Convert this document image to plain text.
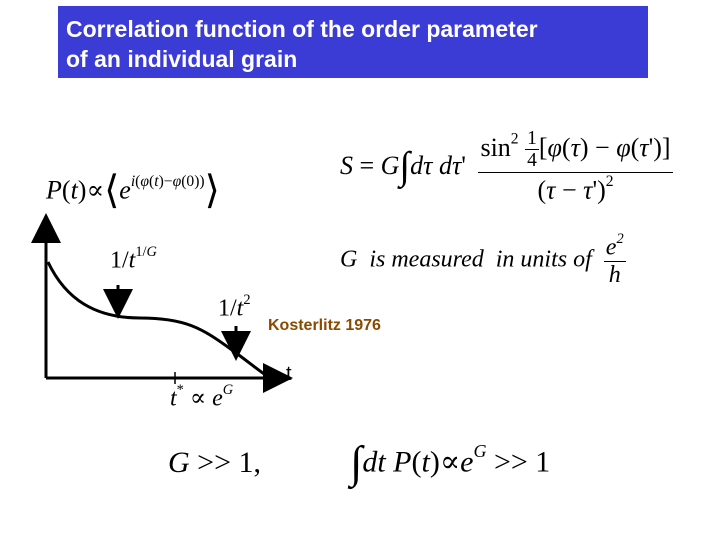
Correlation function of the order parameter
of an individual grain
$P(t)\propto⟨e^{i(\varphi(t)-\varphi(0))}⟩$
S = G∫dτ $d\tau' \frac{\sin^2 \frac{1}{4} [\varphi(\tau) - \varphi(\tau')]}{(\tau - \tau')^2}$
G  is measured  in units of $\frac{e^2}{h}$
$1/t^{1/G}$
$1/t^2$
$t^* \propto e^G$
Kosterlitz 1976
t
G >> 1, ∫dt $P(t)\propto e^G >> 1$
